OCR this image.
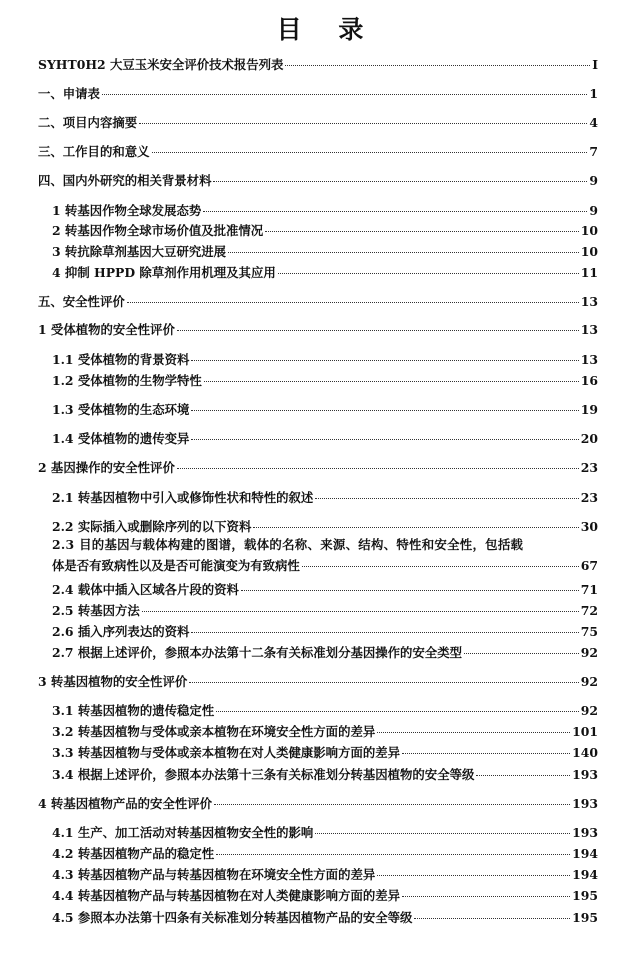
目 录
SYHT0H2 大豆玉米安全评价技术报告列表	I
一、申请表	1
二、项目内容摘要	4
三、工作目的和意义	7
四、国内外研究的相关背景材料	9
1 转基因作物全球发展态势	9
2 转基因作物全球市场价值及批准情况	10
3 转抗除草剂基因大豆研究进展	10
4 抑制 HPPD 除草剂作用机理及其应用	11
五、安全性评价	13
1 受体植物的安全性评价	13
1.1 受体植物的背景资料	13
1.2 受体植物的生物学特性	16
1.3 受体植物的生态环境	19
1.4 受体植物的遗传变异	20
2 基因操作的安全性评价	23
2.1 转基因植物中引入或修饰性状和特性的叙述	23
2.2 实际插入或删除序列的以下资料	30
2.3 目的基因与载体构建的图谱，载体的名称、来源、结构、特性和安全性，包括载
体是否有致病性以及是否可能演变为有致病性	67
2.4 载体中插入区域各片段的资料	71
2.5 转基因方法	72
2.6 插入序列表达的资料	75
2.7 根据上述评价，参照本办法第十二条有关标准划分基因操作的安全类型	92
3 转基因植物的安全性评价	92
3.1 转基因植物的遗传稳定性	92
3.2 转基因植物与受体或亲本植物在环境安全性方面的差异	101
3.3 转基因植物与受体或亲本植物在对人类健康影响方面的差异	140
3.4 根据上述评价，参照本办法第十三条有关标准划分转基因植物的安全等级	193
4 转基因植物产品的安全性评价	193
4.1 生产、加工活动对转基因植物安全性的影响	193
4.2 转基因植物产品的稳定性	194
4.3 转基因植物产品与转基因植物在环境安全性方面的差异	194
4.4 转基因植物产品与转基因植物在对人类健康影响方面的差异	195
4.5 参照本办法第十四条有关标准划分转基因植物产品的安全等级	195
